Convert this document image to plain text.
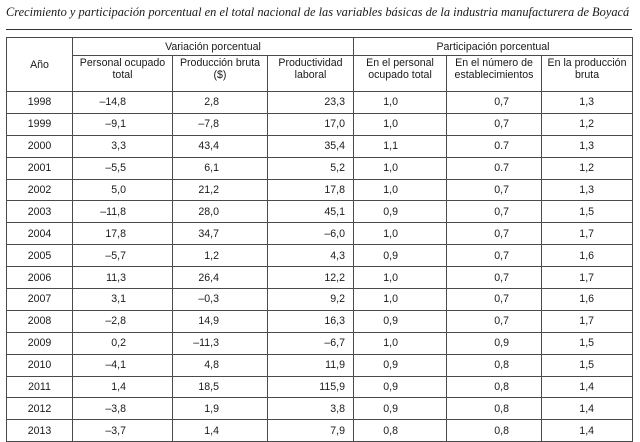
Crecimiento y participación porcentual en el total nacional de las variables básicas de la industria manufacturera de Boyacá
Año	Variación porcentual			Participación porcentual		
	Personal ocupado total	Producción bruta ($)	Productividad laboral	En el personal ocupado total	En el número de establecimientos	En la producción bruta
1998	–14,8	2,8	23,3	1,0	0,7	1,3
1999	–9,1	–7,8	17,0	1,0	0,7	1,2
2000	3,3	43,4	35,4	1,1	0.7	1,3
2001	–5,5	6,1	5,2	1,0	0.7	1,2
2002	5,0	21,2	17,8	1,0	0,7	1,3
2003	–11,8	28,0	45,1	0,9	0,7	1,5
2004	17,8	34,7	–6,0	1,0	0,7	1,7
2005	–5,7	1,2	4,3	0,9	0,7	1,6
2006	11,3	26,4	12,2	1,0	0,7	1,7
2007	3,1	–0,3	9,2	1,0	0,7	1,6
2008	–2,8	14,9	16,3	0,9	0,7	1,7
2009	0,2	–11,3	–6,7	1,0	0,9	1,5
2010	–4,1	4,8	11,9	0,9	0,8	1,5
2011	1,4	18,5	115,9	0,9	0,8	1,4
2012	–3,8	1,9	3,8	0,9	0,8	1,4
2013	–3,7	1,4	7,9	0,8	0,8	1,4
